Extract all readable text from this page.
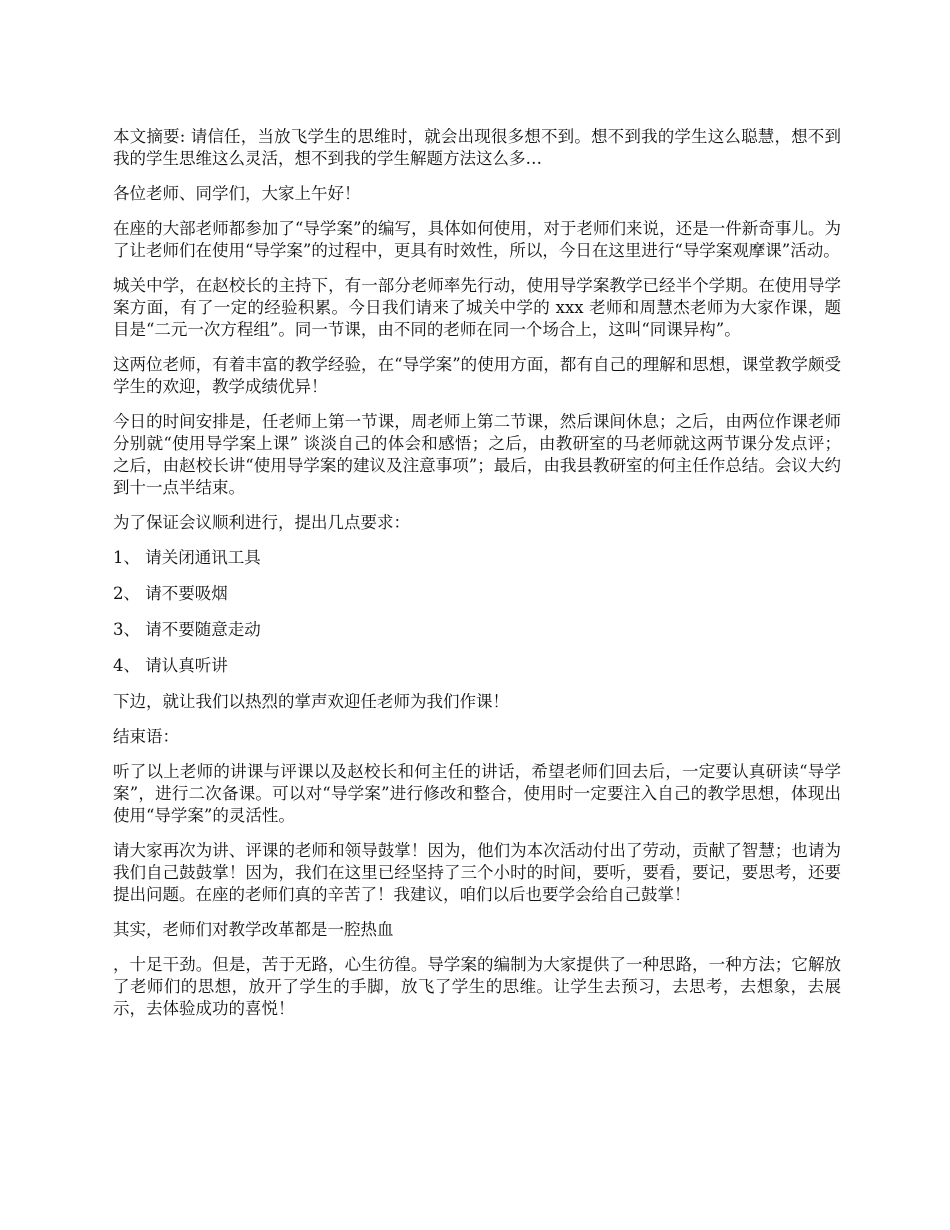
本文摘要: 请信任，当放飞学生的思维时，就会出现很多想不到。想不到我的学生这么聪慧，想不到我的学生思维这么灵活，想不到我的学生解题方法这么多…

各位老师、同学们，大家上午好！

在座的大部老师都参加了“导学案”的编写，具体如何使用，对于老师们来说，还是一件新奇事儿。为了让老师们在使用“导学案”的过程中，更具有时效性，所以，今日在这里进行“导学案观摩课”活动。

城关中学，在赵校长的主持下，有一部分老师率先行动，使用导学案教学已经半个学期。在使用导学案方面，有了一定的经验积累。今日我们请来了城关中学的 xxx 老师和周慧杰老师为大家作课，题目是“二元一次方程组”。同一节课，由不同的老师在同一个场合上，这叫“同课异构”。

这两位老师，有着丰富的教学经验，在“导学案”的使用方面，都有自己的理解和思想，课堂教学颇受学生的欢迎，教学成绩优异！

今日的时间安排是，任老师上第一节课，周老师上第二节课，然后课间休息；之后，由两位作课老师分别就“使用导学案上课” 谈淡自己的体会和感悟；之后，由教研室的马老师就这两节课分发点评；之后，由赵校长讲“使用导学案的建议及注意事项”；最后，由我县教研室的何主任作总结。会议大约到十一点半结束。

为了保证会议顺利进行，提出几点要求：

1、 请关闭通讯工具

2、 请不要吸烟

3、 请不要随意走动

4、 请认真听讲

下边，就让我们以热烈的掌声欢迎任老师为我们作课！

结束语：

听了以上老师的讲课与评课以及赵校长和何主任的讲话，希望老师们回去后，一定要认真研读“导学案”，进行二次备课。可以对“导学案”进行修改和整合，使用时一定要注入自己的教学思想，体现出使用“导学案”的灵活性。

请大家再次为讲、评课的老师和领导鼓掌！因为，他们为本次活动付出了劳动，贡献了智慧；也请为我们自己鼓鼓掌！因为，我们在这里已经坚持了三个小时的时间，要听，要看，要记，要思考，还要提出问题。在座的老师们真的辛苦了！我建议，咱们以后也要学会给自己鼓掌！

其实，老师们对教学改革都是一腔热血

，十足干劲。但是，苦于无路，心生彷徨。导学案的编制为大家提供了一种思路，一种方法；它解放了老师们的思想，放开了学生的手脚，放飞了学生的思维。让学生去预习，去思考，去想象，去展示，去体验成功的喜悦！
